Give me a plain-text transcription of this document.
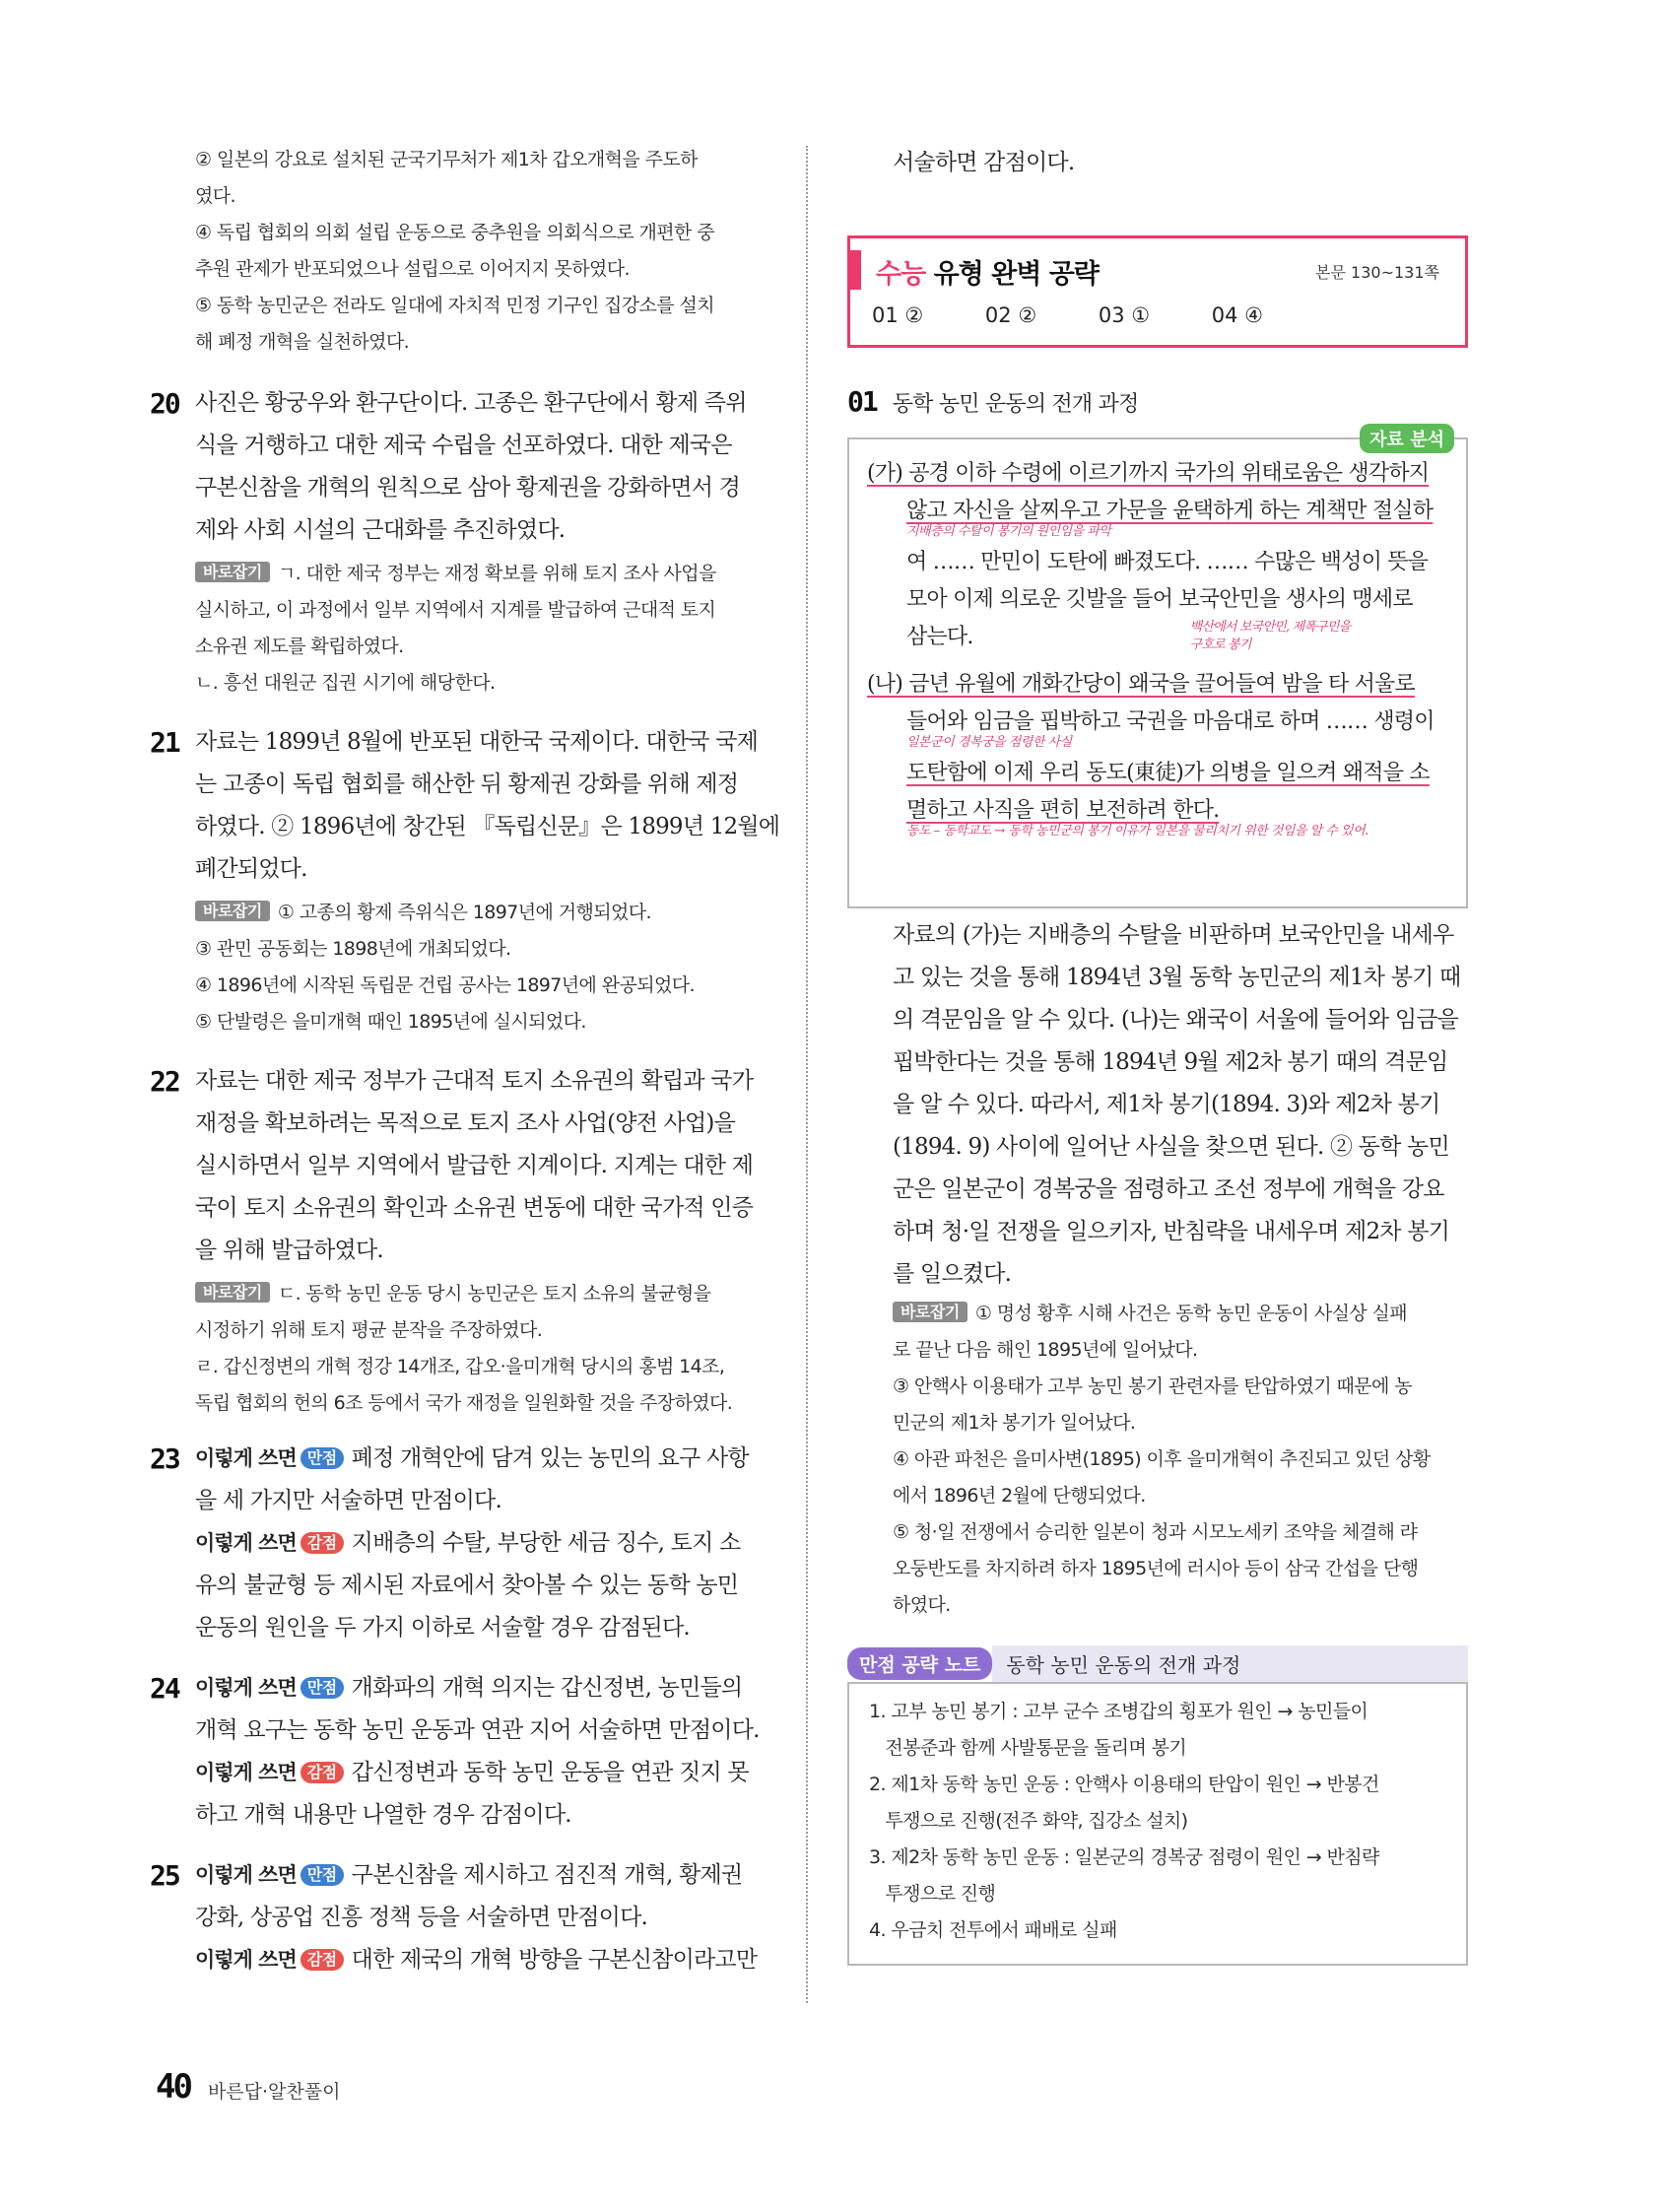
② 일본의 강요로 설치된 군국기무처가 제1차 갑오개혁을 주도하
였다.
④ 독립 협회의 의회 설립 운동으로 중추원을 의회식으로 개편한 중
추원 관제가 반포되었으나 설립으로 이어지지 못하였다.
⑤ 동학 농민군은 전라도 일대에 자치적 민정 기구인 집강소를 설치
해 폐정 개혁을 실천하였다.
20 사진은 황궁우와 환구단이다. 고종은 환구단에서 황제 즉위
식을 거행하고 대한 제국 수립을 선포하였다. 대한 제국은
구본신참을 개혁의 원칙으로 삼아 황제권을 강화하면서 경
제와 사회 시설의 근대화를 추진하였다.
바로잡기 ㄱ. 대한 제국 정부는 재정 확보를 위해 토지 조사 사업을
실시하고, 이 과정에서 일부 지역에서 지계를 발급하여 근대적 토지
소유권 제도를 확립하였다.
ㄴ. 흥선 대원군 집권 시기에 해당한다.
21 자료는 1899년 8월에 반포된 대한국 국제이다. 대한국 국제
는 고종이 독립 협회를 해산한 뒤 황제권 강화를 위해 제정
하였다. ② 1896년에 창간된 『독립신문』은 1899년 12월에
폐간되었다.
바로잡기 ① 고종의 황제 즉위식은 1897년에 거행되었다.
③ 관민 공동회는 1898년에 개최되었다.
④ 1896년에 시작된 독립문 건립 공사는 1897년에 완공되었다.
⑤ 단발령은 을미개혁 때인 1895년에 실시되었다.
22 자료는 대한 제국 정부가 근대적 토지 소유권의 확립과 국가
재정을 확보하려는 목적으로 토지 조사 사업(양전 사업)을
실시하면서 일부 지역에서 발급한 지계이다. 지계는 대한 제
국이 토지 소유권의 확인과 소유권 변동에 대한 국가적 인증
을 위해 발급하였다.
바로잡기 ㄷ. 동학 농민 운동 당시 농민군은 토지 소유의 불균형을
시정하기 위해 토지 평균 분작을 주장하였다.
ㄹ. 갑신정변의 개혁 정강 14개조, 갑오·을미개혁 당시의 홍범 14조,
독립 협회의 헌의 6조 등에서 국가 재정을 일원화할 것을 주장하였다.
23 이렇게 쓰면 만점 폐정 개혁안에 담겨 있는 농민의 요구 사항
을 세 가지만 서술하면 만점이다.
이렇게 쓰면 감점 지배층의 수탈, 부당한 세금 징수, 토지 소
유의 불균형 등 제시된 자료에서 찾아볼 수 있는 동학 농민
운동의 원인을 두 가지 이하로 서술할 경우 감점된다.
24 이렇게 쓰면 만점 개화파의 개혁 의지는 갑신정변, 농민들의
개혁 요구는 동학 농민 운동과 연관 지어 서술하면 만점이다.
이렇게 쓰면 감점 갑신정변과 동학 농민 운동을 연관 짓지 못
하고 개혁 내용만 나열한 경우 감점이다.
25 이렇게 쓰면 만점 구본신참을 제시하고 점진적 개혁, 황제권
강화, 상공업 진흥 정책 등을 서술하면 만점이다.
이렇게 쓰면 감점 대한 제국의 개혁 방향을 구본신참이라고만
서술하면 감점이다.
수능 유형 완벽 공략	본문 130~131쪽
01 ②	02 ②	03 ①	04 ④
01 동학 농민 운동의 전개 과정
자료 분석
(가) 공경 이하 수령에 이르기까지 국가의 위태로움은 생각하지
않고 자신을 살찌우고 가문을 윤택하게 하는 계책만 절실하
지배층의 수탈이 봉기의 원인임을 파악
여 …… 만민이 도탄에 빠졌도다. …… 수많은 백성이 뜻을
모아 이제 의로운 깃발을 들어 보국안민을 생사의 맹세로
삼는다.	백산에서 보국안민, 제폭구민을
구호로 봉기
(나) 금년 유월에 개화간당이 왜국을 끌어들여 밤을 타 서울로
들어와 임금을 핍박하고 국권을 마음대로 하며 …… 생령이
일본군이 경복궁을 점령한 사실
도탄함에 이제 우리 동도(東徒)가 의병을 일으켜 왜적을 소
멸하고 사직을 편히 보전하려 한다.
동도 – 동학교도 → 동학 농민군의 봉기 이유가 일본을 물리치기 위한 것임을 알 수 있어.
자료의 (가)는 지배층의 수탈을 비판하며 보국안민을 내세우
고 있는 것을 통해 1894년 3월 동학 농민군의 제1차 봉기 때
의 격문임을 알 수 있다. (나)는 왜국이 서울에 들어와 임금을
핍박한다는 것을 통해 1894년 9월 제2차 봉기 때의 격문임
을 알 수 있다. 따라서, 제1차 봉기(1894. 3)와 제2차 봉기
(1894. 9) 사이에 일어난 사실을 찾으면 된다. ② 동학 농민
군은 일본군이 경복궁을 점령하고 조선 정부에 개혁을 강요
하며 청·일 전쟁을 일으키자, 반침략을 내세우며 제2차 봉기
를 일으켰다.
바로잡기 ① 명성 황후 시해 사건은 동학 농민 운동이 사실상 실패
로 끝난 다음 해인 1895년에 일어났다.
③ 안핵사 이용태가 고부 농민 봉기 관련자를 탄압하였기 때문에 농
민군의 제1차 봉기가 일어났다.
④ 아관 파천은 을미사변(1895) 이후 을미개혁이 추진되고 있던 상황
에서 1896년 2월에 단행되었다.
⑤ 청·일 전쟁에서 승리한 일본이 청과 시모노세키 조약을 체결해 랴
오둥반도를 차지하려 하자 1895년에 러시아 등이 삼국 간섭을 단행
하였다.
만점 공략 노트	동학 농민 운동의 전개 과정
1. 고부 농민 봉기 : 고부 군수 조병갑의 횡포가 원인 → 농민들이
전봉준과 함께 사발통문을 돌리며 봉기
2. 제1차 동학 농민 운동 : 안핵사 이용태의 탄압이 원인 → 반봉건
투쟁으로 진행(전주 화약, 집강소 설치)
3. 제2차 동학 농민 운동 : 일본군의 경복궁 점령이 원인 → 반침략
투쟁으로 진행
4. 우금치 전투에서 패배로 실패
40 바른답·알찬풀이
